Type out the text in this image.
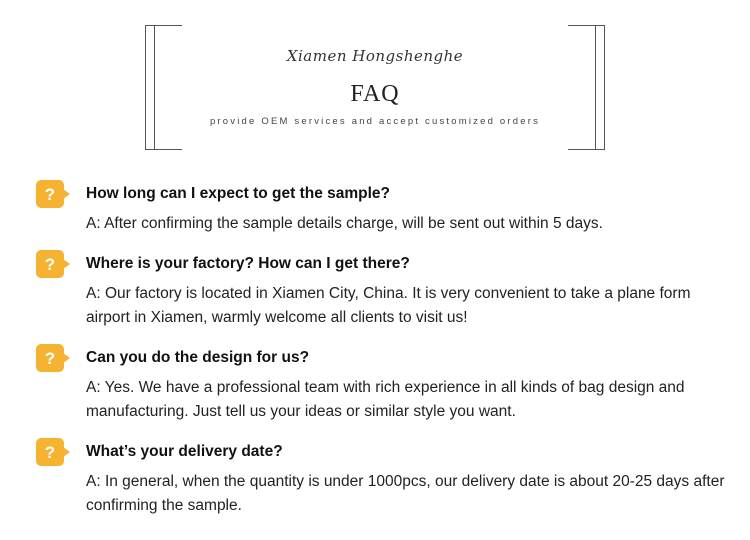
Xiamen Hongshenghe
FAQ
provide OEM services and accept customized orders
? How long can I expect to get the sample?
A: After confirming the sample details charge, will be sent out within 5 days.
? Where is your factory? How can I get there?
A: Our factory is located in Xiamen City, China. It is very convenient to take a plane form airport in Xiamen, warmly welcome all clients to visit us!
? Can you do the design for us?
A: Yes. We have a professional team with rich experience in all kinds of bag design and manufacturing. Just tell us your ideas or similar style you want.
? What’s your delivery date?
A: In general, when the quantity is under 1000pcs, our delivery date is about 20-25 days after confirming the sample.
